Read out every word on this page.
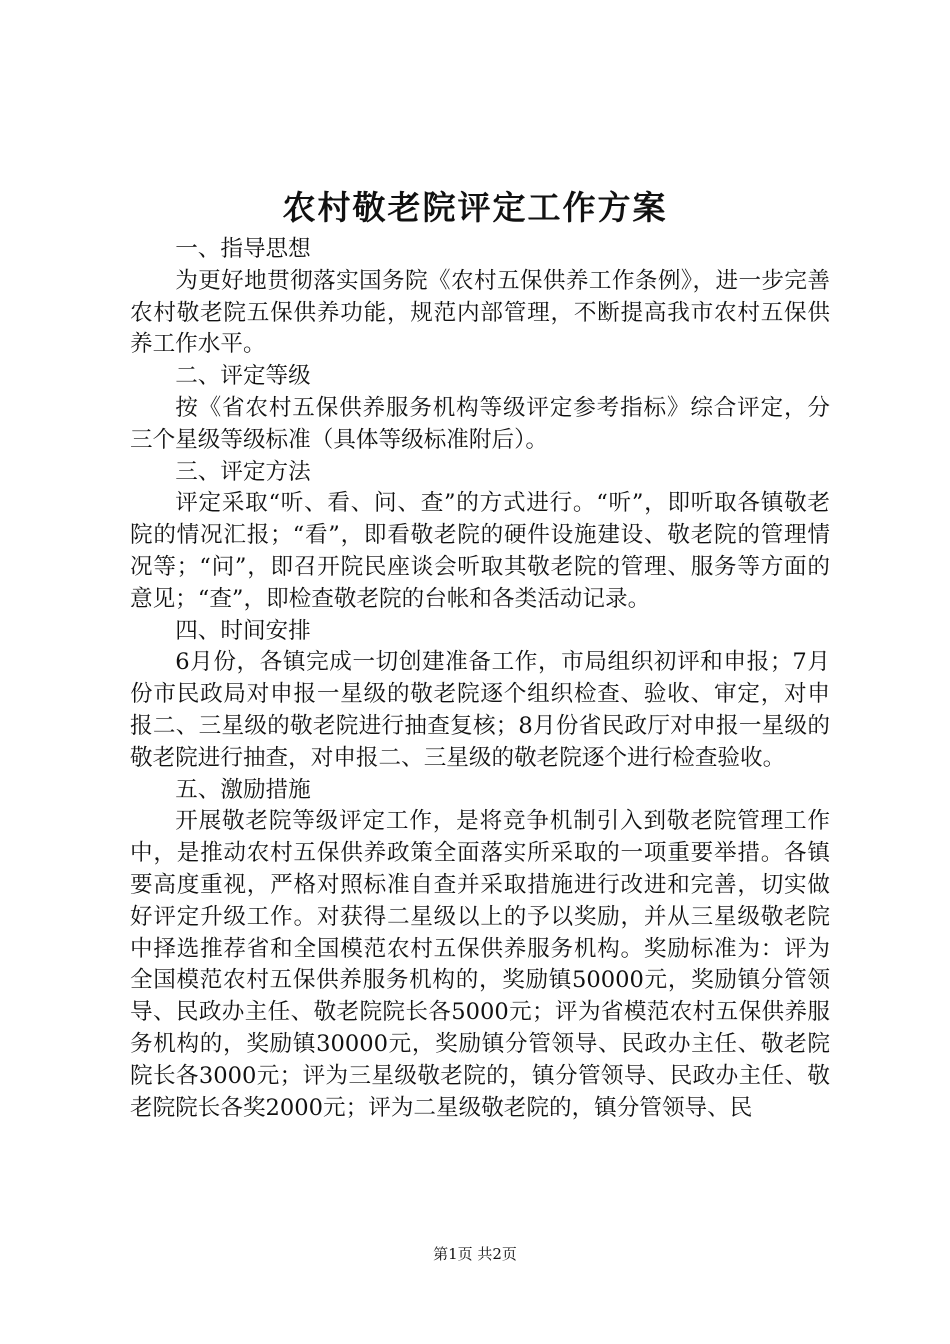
农村敬老院评定工作方案

一、指导思想

为更好地贯彻落实国务院《农村五保供养工作条例》，进一步完善农村敬老院五保供养功能，规范内部管理，不断提高我市农村五保供养工作水平。

二、评定等级

按《省农村五保供养服务机构等级评定参考指标》综合评定，分三个星级等级标准（具体等级标准附后）。

三、评定方法

评定采取“听、看、问、查”的方式进行。“听”，即听取各镇敬老院的情况汇报；“看”，即看敬老院的硬件设施建设、敬老院的管理情况等；“问”，即召开院民座谈会听取其敬老院的管理、服务等方面的意见；“查”，即检查敬老院的台帐和各类活动记录。

四、时间安排

6月份，各镇完成一切创建准备工作，市局组织初评和申报；7月份市民政局对申报一星级的敬老院逐个组织检查、验收、审定，对申报二、三星级的敬老院进行抽查复核；8月份省民政厅对申报一星级的敬老院进行抽查，对申报二、三星级的敬老院逐个进行检查验收。

五、激励措施

开展敬老院等级评定工作，是将竞争机制引入到敬老院管理工作中，是推动农村五保供养政策全面落实所采取的一项重要举措。各镇要高度重视，严格对照标准自查并采取措施进行改进和完善，切实做好评定升级工作。对获得二星级以上的予以奖励，并从三星级敬老院中择选推荐省和全国模范农村五保供养服务机构。奖励标准为：评为全国模范农村五保供养服务机构的，奖励镇50000元，奖励镇分管领导、民政办主任、敬老院院长各5000元；评为省模范农村五保供养服务机构的，奖励镇30000元，奖励镇分管领导、民政办主任、敬老院院长各3000元；评为三星级敬老院的，镇分管领导、民政办主任、敬老院院长各奖2000元；评为二星级敬老院的，镇分管领导、民

第1页 共2页
